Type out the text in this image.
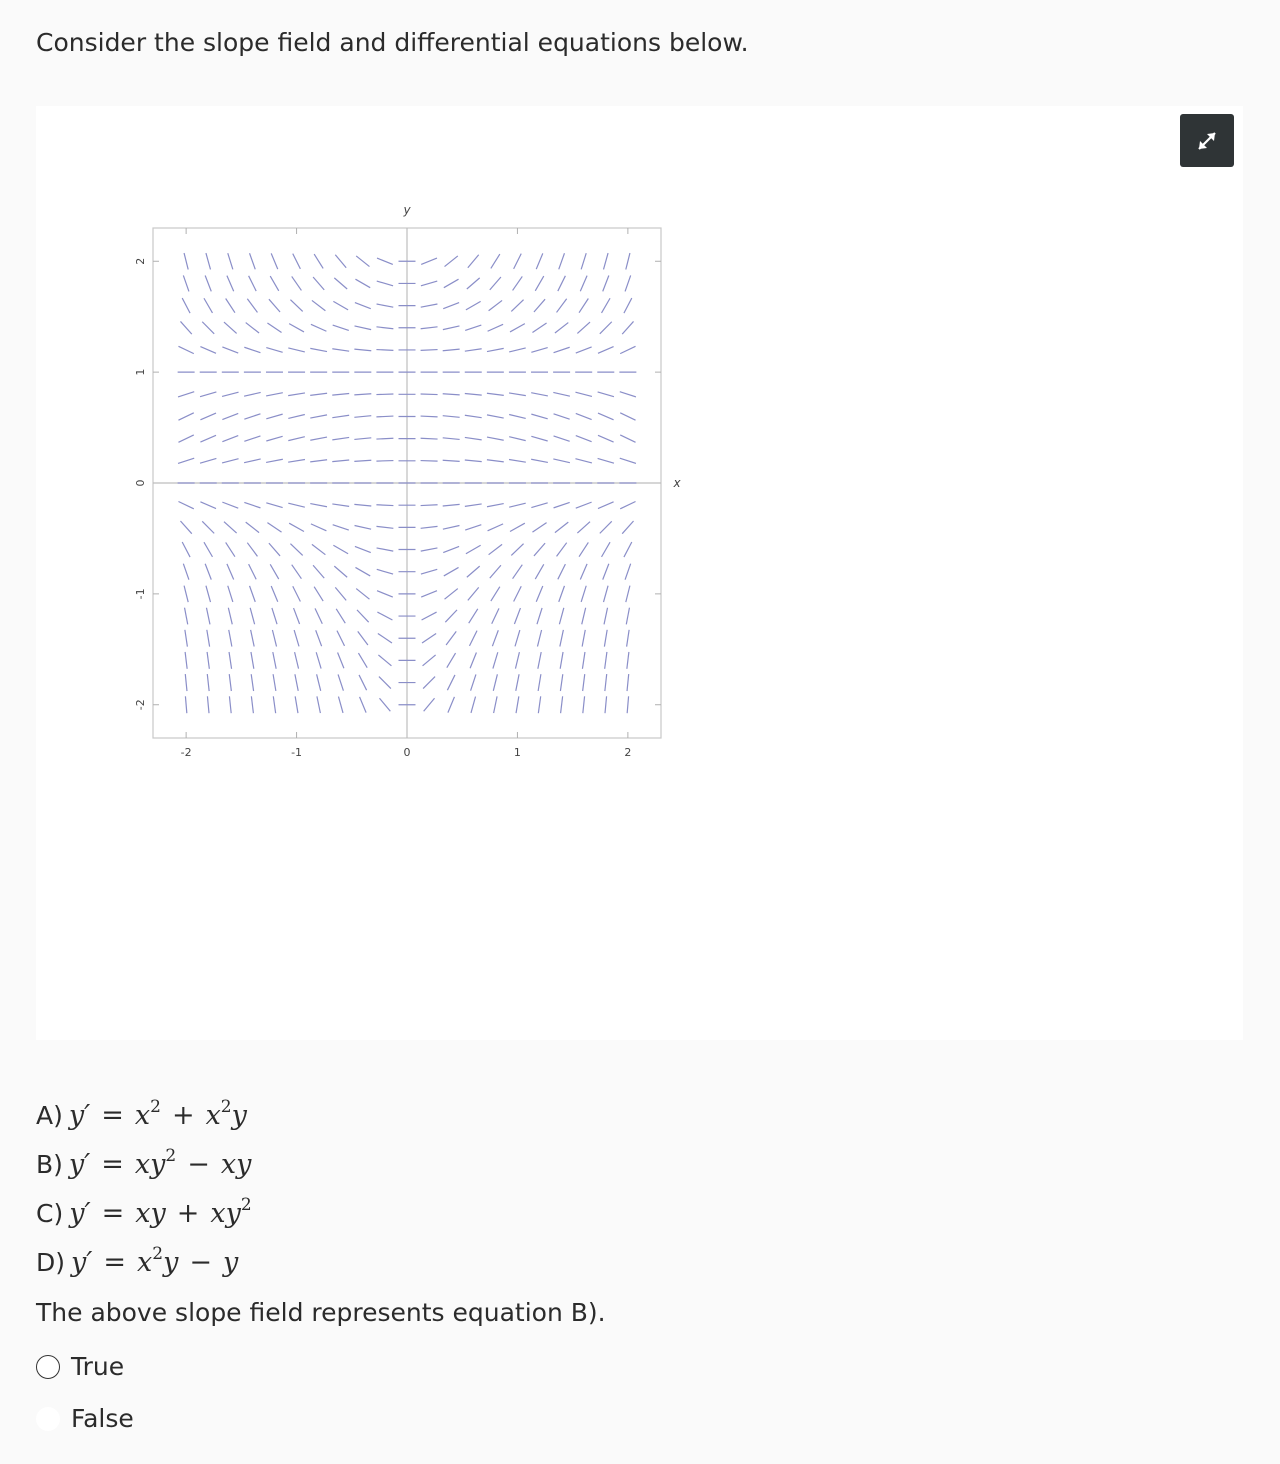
Consider the slope field and differential equations below.
y
x
-2	-1	0	1	2
2
1
0
-1
-2
A) $y' = x^2 + x^2y$
B) $y' = xy^2$ − xy
C) y′ = xy + $xy^2$
D) $y' = x^2y - y$

The above slope field represents equation B).

True
False
